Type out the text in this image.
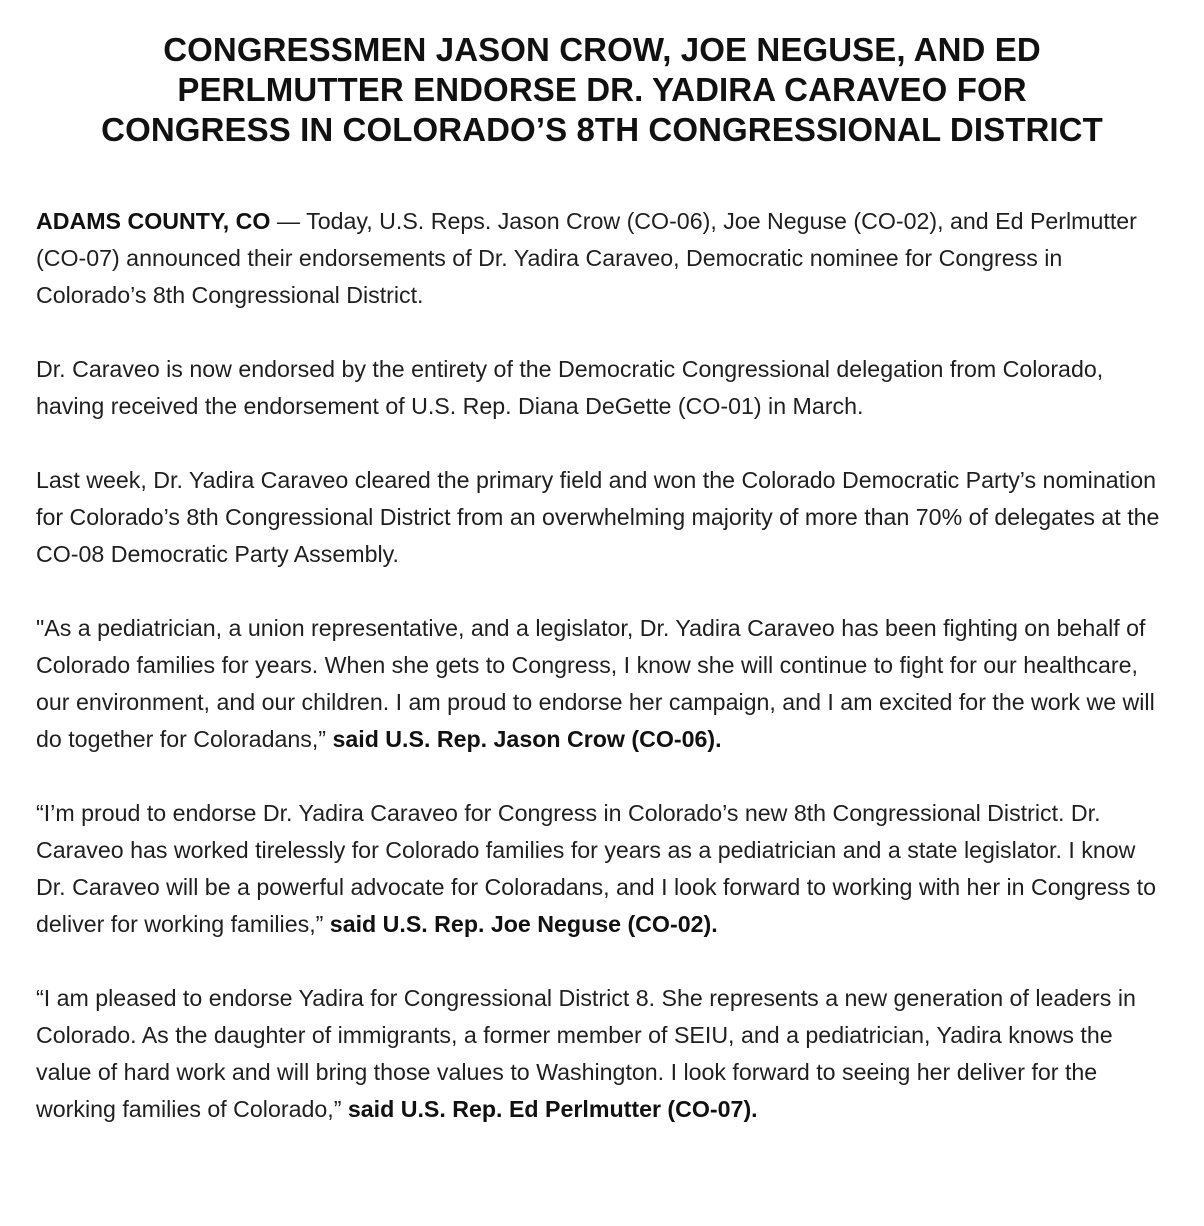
CONGRESSMEN JASON CROW, JOE NEGUSE, AND ED
PERLMUTTER ENDORSE DR. YADIRA CARAVEO FOR
CONGRESS IN COLORADO’S 8TH CONGRESSIONAL DISTRICT

ADAMS COUNTY, CO — Today, U.S. Reps. Jason Crow (CO-06), Joe Neguse (CO-02), and Ed Perlmutter (CO-07) announced their endorsements of Dr. Yadira Caraveo, Democratic nominee for Congress in Colorado’s 8th Congressional District.

Dr. Caraveo is now endorsed by the entirety of the Democratic Congressional delegation from Colorado, having received the endorsement of U.S. Rep. Diana DeGette (CO-01) in March.

Last week, Dr. Yadira Caraveo cleared the primary field and won the Colorado Democratic Party’s nomination for Colorado’s 8th Congressional District from an overwhelming majority of more than 70% of delegates at the CO-08 Democratic Party Assembly.

"As a pediatrician, a union representative, and a legislator, Dr. Yadira Caraveo has been fighting on behalf of Colorado families for years. When she gets to Congress, I know she will continue to fight for our healthcare, our environment, and our children. I am proud to endorse her campaign, and I am excited for the work we will do together for Coloradans,” said U.S. Rep. Jason Crow (CO-06).

“I’m proud to endorse Dr. Yadira Caraveo for Congress in Colorado’s new 8th Congressional District. Dr. Caraveo has worked tirelessly for Colorado families for years as a pediatrician and a state legislator. I know Dr. Caraveo will be a powerful advocate for Coloradans, and I look forward to working with her in Congress to deliver for working families,” said U.S. Rep. Joe Neguse (CO-02).

“I am pleased to endorse Yadira for Congressional District 8. She represents a new generation of leaders in Colorado. As the daughter of immigrants, a former member of SEIU, and a pediatrician, Yadira knows the value of hard work and will bring those values to Washington. I look forward to seeing her deliver for the working families of Colorado,” said U.S. Rep. Ed Perlmutter (CO-07).
